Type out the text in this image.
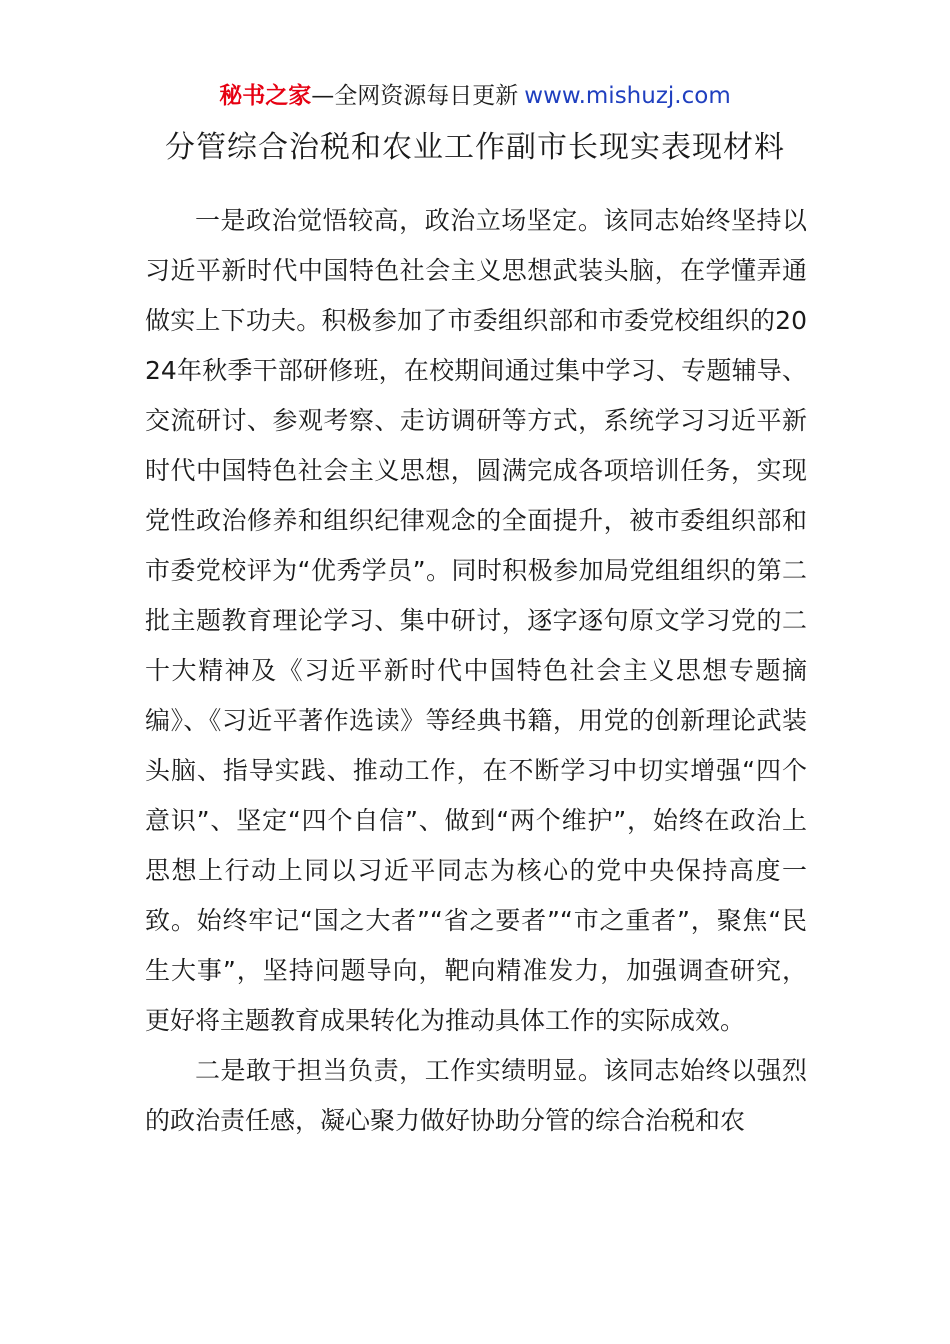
秘书之家—全网资源每日更新 www.mishuzj.com
分管综合治税和农业工作副市长现实表现材料

一是政治觉悟较高，政治立场坚定。该同志始终坚持以习近平新时代中国特色社会主义思想武装头脑，在学懂弄通做实上下功夫。积极参加了市委组织部和市委党校组织的2024年秋季干部研修班，在校期间通过集中学习、专题辅导、交流研讨、参观考察、走访调研等方式，系统学习习近平新时代中国特色社会主义思想，圆满完成各项培训任务，实现党性政治修养和组织纪律观念的全面提升，被市委组织部和市委党校评为“优秀学员”。同时积极参加局党组组织的第二批主题教育理论学习、集中研讨，逐字逐句原文学习党的二十大精神及《习近平新时代中国特色社会主义思想专题摘编》、《习近平著作选读》等经典书籍，用党的创新理论武装头脑、指导实践、推动工作，在不断学习中切实增强“四个意识”、坚定“四个自信”、做到“两个维护”，始终在政治上思想上行动上同以习近平同志为核心的党中央保持高度一致。始终牢记“国之大者”“省之要者”“市之重者”，聚焦“民生大事”，坚持问题导向，靶向精准发力，加强调查研究，更好将主题教育成果转化为推动具体工作的实际成效。

二是敢于担当负责，工作实绩明显。该同志始终以强烈的政治责任感，凝心聚力做好协助分管的综合治税和农
